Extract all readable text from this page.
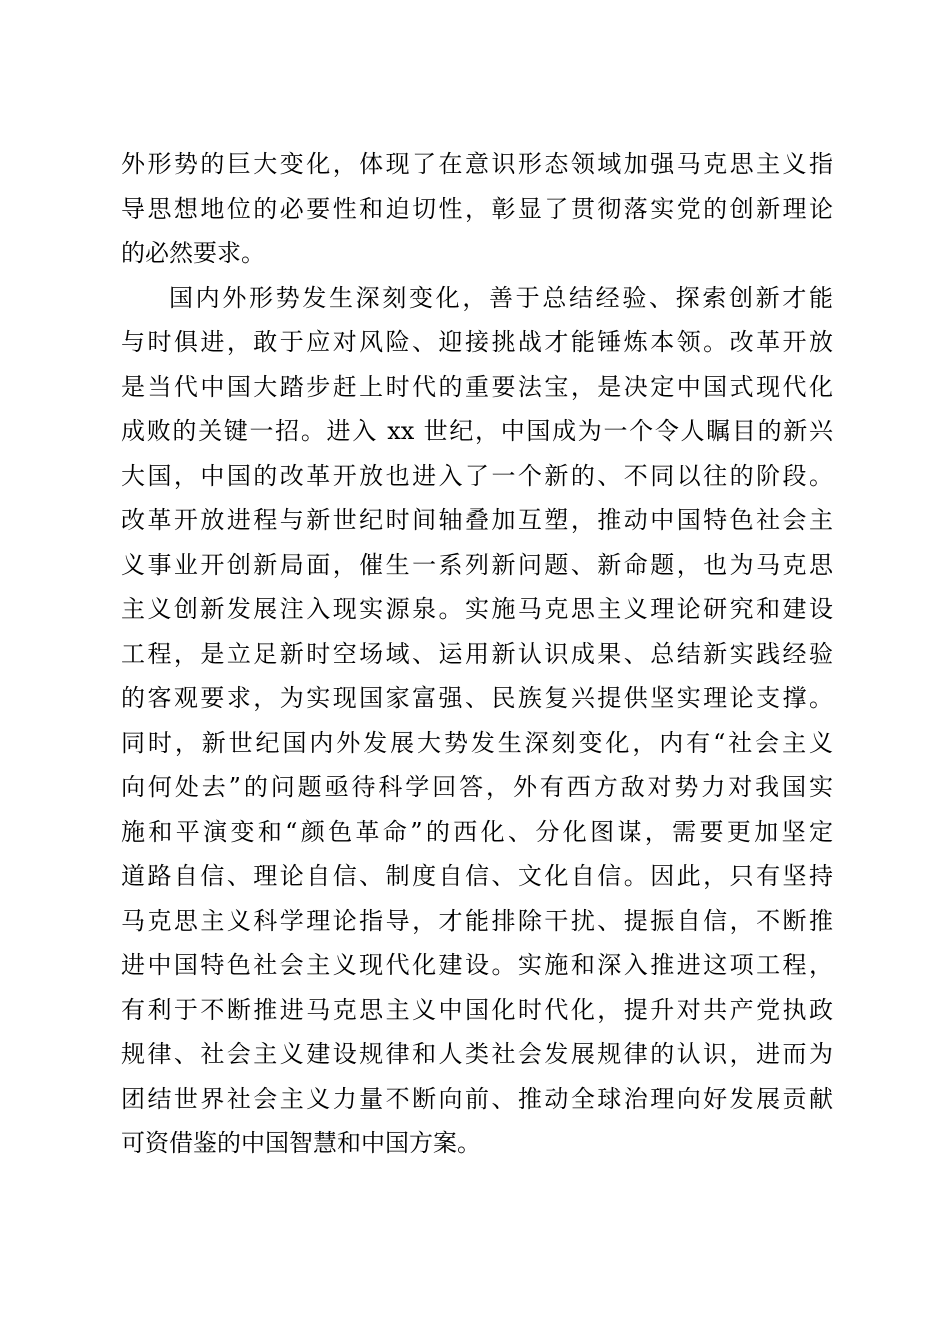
外形势的巨大变化，体现了在意识形态领域加强马克思主义指
导思想地位的必要性和迫切性，彰显了贯彻落实党的创新理论
的必然要求。
国内外形势发生深刻变化，善于总结经验、探索创新才能
与时俱进，敢于应对风险、迎接挑战才能锤炼本领。改革开放
是当代中国大踏步赶上时代的重要法宝，是决定中国式现代化
成败的关键一招。进入 xx 世纪，中国成为一个令人瞩目的新兴
大国，中国的改革开放也进入了一个新的、不同以往的阶段。
改革开放进程与新世纪时间轴叠加互塑，推动中国特色社会主
义事业开创新局面，催生一系列新问题、新命题，也为马克思
主义创新发展注入现实源泉。实施马克思主义理论研究和建设
工程，是立足新时空场域、运用新认识成果、总结新实践经验
的客观要求，为实现国家富强、民族复兴提供坚实理论支撑。
同时，新世纪国内外发展大势发生深刻变化，内有“社会主义
向何处去”的问题亟待科学回答，外有西方敌对势力对我国实
施和平演变和“颜色革命”的西化、分化图谋，需要更加坚定
道路自信、理论自信、制度自信、文化自信。因此，只有坚持
马克思主义科学理论指导，才能排除干扰、提振自信，不断推
进中国特色社会主义现代化建设。实施和深入推进这项工程，
有利于不断推进马克思主义中国化时代化，提升对共产党执政
规律、社会主义建设规律和人类社会发展规律的认识，进而为
团结世界社会主义力量不断向前、推动全球治理向好发展贡献
可资借鉴的中国智慧和中国方案。
